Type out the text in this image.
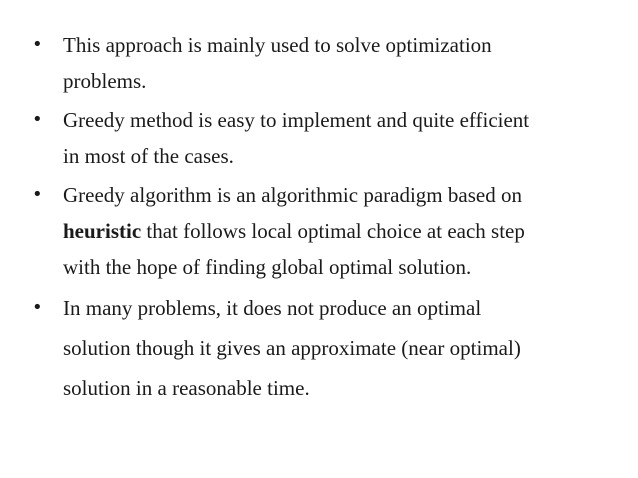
• This approach is mainly used to solve optimization
problems.
• Greedy method is easy to implement and quite efficient
in most of the cases.
• Greedy algorithm is an algorithmic paradigm based on
heuristic that follows local optimal choice at each step
with the hope of finding global optimal solution.
• In many problems, it does not produce an optimal
solution though it gives an approximate (near optimal)
solution in a reasonable time.
